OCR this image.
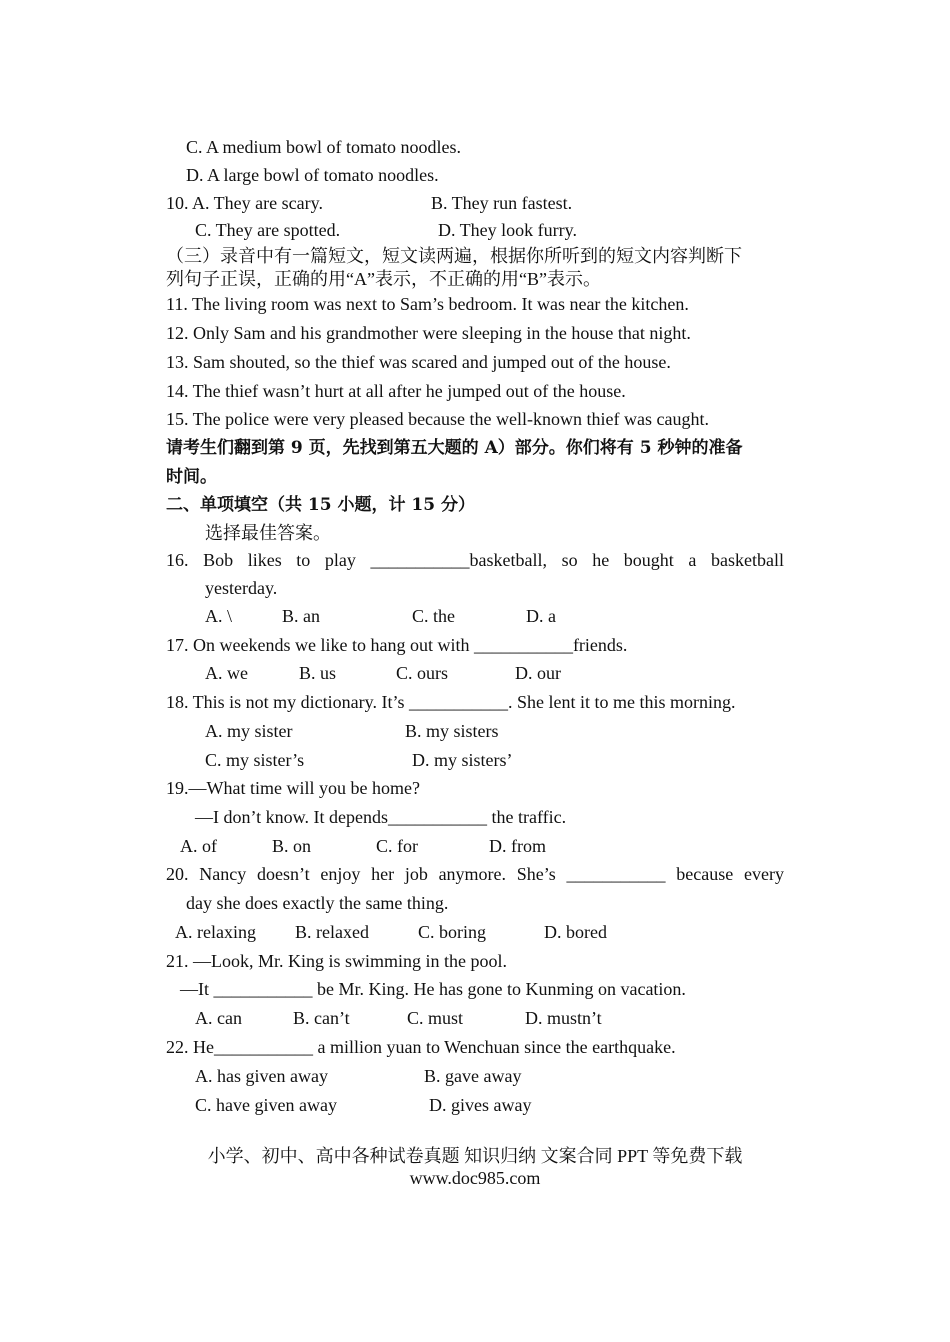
C. A medium bowl of tomato noodles.
D. A large bowl of tomato noodles.
10. A. They are scary.	B. They run fastest.
C. They are spotted.	D. They look furry.
（三）录音中有一篇短文，短文读两遍，根据你所听到的短文内容判断下
列句子正误，正确的用“A”表示，不正确的用“B”表示。
11. The living room was next to Sam’s bedroom. It was near the kitchen.
12. Only Sam and his grandmother were sleeping in the house that night.
13. Sam shouted, so the thief was scared and jumped out of the house.
14. The thief wasn’t hurt at all after he jumped out of the house.
15. The police were very pleased because the well-known thief was caught.
请考生们翻到第 9 页，先找到第五大题的 A）部分。你们将有 5 秒钟的准备
时间。
二、单项填空（共 15 小题，计 15 分）
选择最佳答案。
16. Bob likes to play ___________basketball, so he bought a basketball
yesterday.
A. \	B. an	C. the	D. a
17. On weekends we like to hang out with ___________friends.
A. we	B. us	C. ours	D. our
18. This is not my dictionary. It’s ___________. She lent it to me this morning.
A. my sister	B. my sisters
C. my sister’s	D. my sisters’
19.—What time will you be home?
—I don’t know. It depends___________ the traffic.
A. of	B. on	C. for	D. from
20. Nancy doesn’t enjoy her job anymore. She’s ___________ because every
day she does exactly the same thing.
A. relaxing B. relaxed	C. boring	D. bored
21. —Look, Mr. King is swimming in the pool.
—It ___________ be Mr. King. He has gone to Kunming on vacation.
A. can	B. can’t	C. must	D. mustn’t
22. He___________ a million yuan to Wenchuan since the earthquake.
A. has given away	B. gave away
C. have given away	D. gives away
小学、初中、高中各种试卷真题 知识归纳 文案合同 PPT 等免费下载
www.doc985.com
